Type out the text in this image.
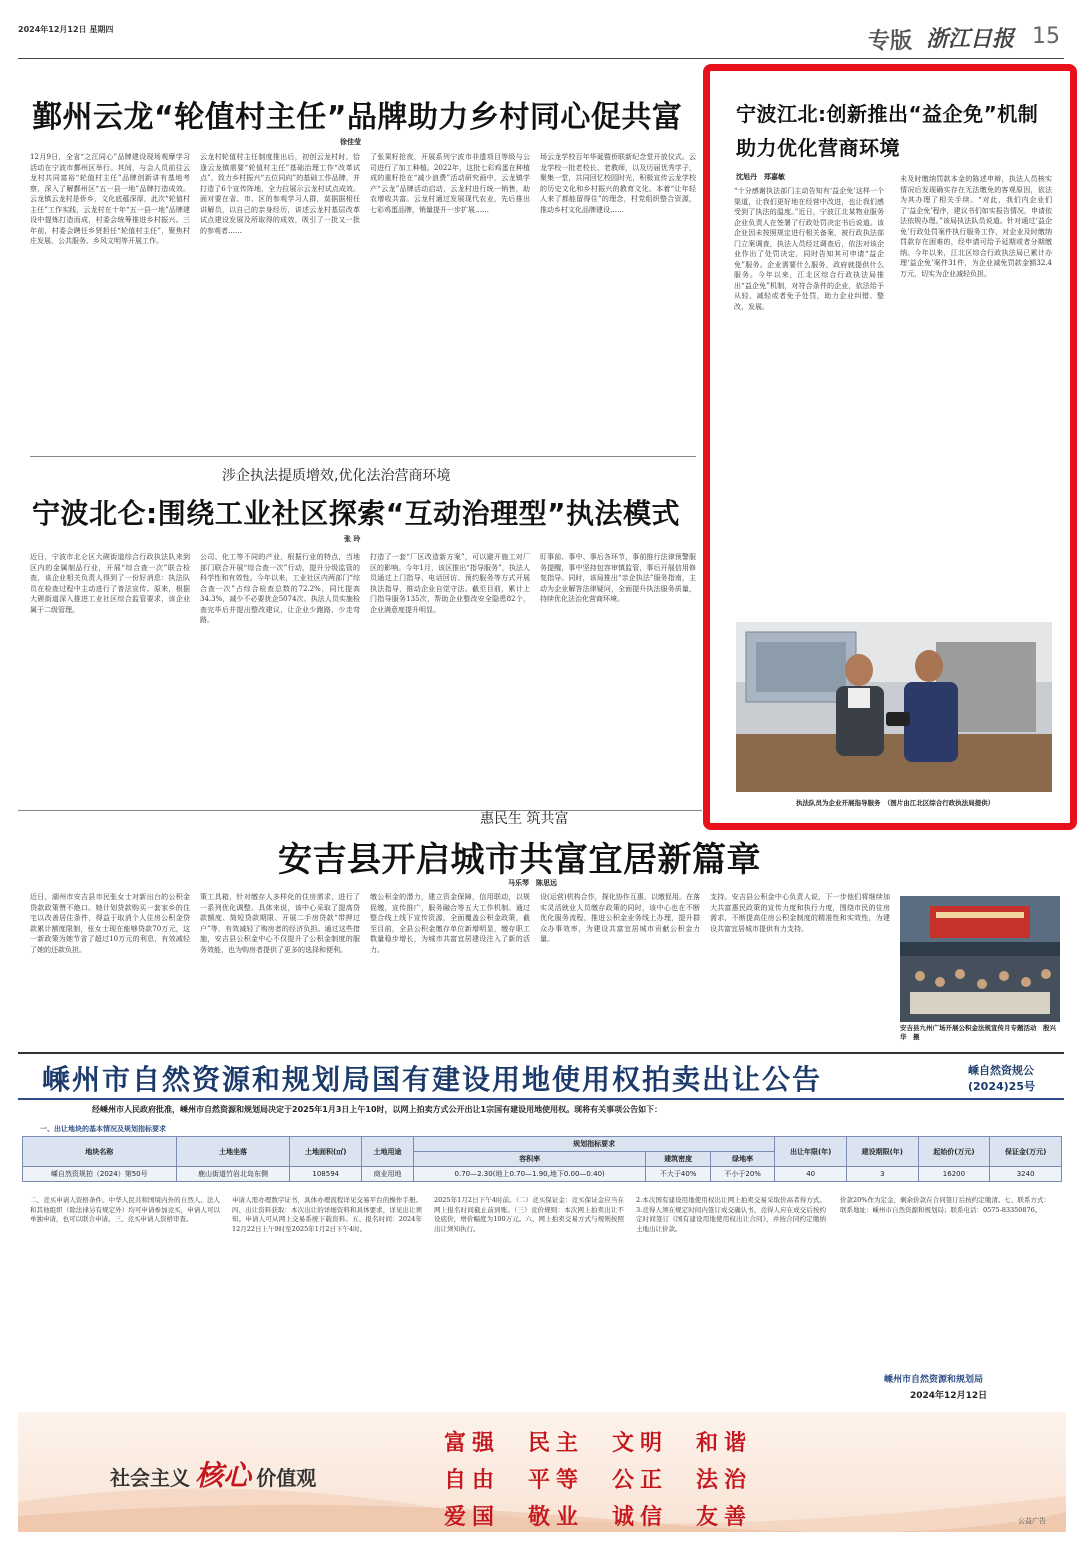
2024年12月12日 星期四	专版 浙江日报 15
鄞州云龙“轮值村主任”品牌助力乡村同心促共富
徐佳莹
12月9日，全省“之江同心”品牌建设现场观摩学习活动在宁波市鄞州区举行。其间，与会人员前往云龙村共同富裕“轮值村主任”品牌创新讲有基地考察，深入了解鄞州区“五一县一地”品牌打造成效。云龙镇云龙村是侨乡，文化底蕴深厚，此次“轮值村主任”工作实践，云龙村在十年“五一县一地”品牌建设中提炼打造而成，村委会统筹推进乡村振兴。三年前，村委会聘任乡贤担任“轮值村主任”，聚焦村庄发展、公共服务、乡风文明等开展工作。
云龙村轮值村主任制度推出后，初创云龙村时，恰逢云龙镇需要“轮值村主任”基础治理工作“改革试点”，致力乡村振兴“五位同向”的基础工作品牌，并打造了6个宣传阵地，全力拉展示云龙村试点成效。面对要在省、市、区的参观学习人群，莫据据相任讲解员，以自己的亲身经历，讲述云龙村基层改革试点建设发展及所取得的成效，吸引了一批又一批的参观者……
了张果籽抢夜，开展系列宁波市非遗项目等级与公司进行了加工种植。2022年，这批七彩鸡蛋在种植成的重籽抢在“减少浪费”活动研究画中，云龙镇学产“云龙”品牌活动启动，云龙村进行统一销售，助农增收共富。云龙村通过发展现代农业，先后推出七彩鸡蛋品牌，销量提升一步扩展……
场云龙学校百年华诞暨侨联新纪念堂开放仪式。云龙学校一批老校长、老教师，以及历届优秀学子，聚集一堂，共同回忆校园时光，积极宣传云龙学校的历史文化和乡村振兴的教育文化。本着“让年轻人来了都能留得住”的理念，村党组织整合资源，推动乡村文化品牌建设……
涉企执法提质增效,优化法治营商环境
宁波北仑:围绕工业社区探索“互动治理型”执法模式
张 玲
近日，宁波市北仑区大碶街道综合行政执法队来到区内的金属制品行业，开展“综合查一次”联合检查，该企业相关负责人得到了一份好消息：执法队员在检查过程中主动进行了普法宣传。原来，根据大碶街道深入推进工业社区综合监管要求，该企业属于二级管理。
公司、化工等不同的产业，根据行业的特点，当地部门联合开展“综合查一次”行动，提升分级监管的科学性和有效性。今年以来，工业社区内两部门“综合查一次”占综合检查总数的72.2%，同比提高34.3%，减少不必要扰企5074次。执法人员实施检查完毕后并提出整改建议，让企业少跑路、少走弯路。
打造了一套“厂区改造新方案”，可以避开施工对厂区的影响。今年1月，该区推出“指导服务”，执法人员通过上门指导、电话回访、预约服务等方式开展执法指导，推动企业自觉守法。截至目前，累计上门指导服务135次，帮助企业整改安全隐患82个，企业满意度提升明显。
盯事前、事中、事后各环节，事前推行法律预警服务提醒，事中坚持包容审慎监管，事后开展信用修复指导。同时，该局推出“亲企执法”服务指南，主动为企业解答法律疑问，全面提升执法服务质量，持续优化法治化营商环境。
宁波江北:创新推出“益企免”机制
助力优化营商环境
沈旭丹　郑嘉敏
“十分感谢执法部门主动告知有‘益企免’这样一个渠道，让我们更好地在经营中改进，也让我们感受到了执法的温度。”近日，宁波江北某物业服务企业负责人在签署了行政处罚决定书后说道。该企业因未按照规定进行相关备案，被行政执法部门立案调查，执法人员经过调查后，依法对该企业作出了处罚决定，同时告知其可申请“益企免”服务。企业需要什么服务，政府就提供什么服务。今年以来，江北区综合行政执法局推出“益企免”机制，对符合条件的企业，依法给予从轻、减轻或者免予处罚，助力企业纠错、整改、发展。
未及时缴纳罚款本金的陈述申辩，执法人员核实情况后发现确实存在无法缴免的客观原因，依法为其办理了相关手续。“对此，我们内企业们了‘益企免’程序，建议书们如实报告情况，申请依法依规办理。”该局执法队员说道。针对通过‘益企免’行政处罚案件执行服务工作，对企业及时缴纳罚款存在困难的，经申请可给予延期或者分期缴纳。今年以来，江北区综合行政执法局已累计办理‘益企免’案件31件，为企业减免罚款金额32.4万元，切实为企业减轻负担。
执法队员为企业开展指导服务　（图片由江北区综合行政执法局提供）
惠民生 筑共富
安吉县开启城市共富宜居新篇章
马乐琴　陈思远
近日，湖州市安吉县市民张女士对新出台的公积金贷款政策赞不绝口。她计划贷款购买一套家乡的住宅以改善居住条件，得益于取消个人住房公积金贷款累计额度限制，张女士现在能够贷款70万元，这一新政策为她节省了超过10万元的利息，有效减轻了她的还款负担。
策工具箱，针对缴存人多样化的住房需求，进行了一系列优化调整。具体来说，该中心采取了提高贷款额度、简短贷款期限、开展二手房贷款“带押过户”等，有效减轻了购房者的经济负担。通过这些措施，安吉县公积金中心不仅提升了公积金制度的服务效能，也为购房者提供了更多的选择和便利。
缴公积金的潜力，建立资金保障，信用联动，以规促缴，宣传推广，服务融合等五大工作机制。通过整合线上线下宣传资源，全面覆盖公积金政策，截至目前，全县公积金缴存单位新增明显，缴存职工数量稳步增长，为城市共富宜居建设注入了新的活力。
设(运营)机构合作，探化协作互惠，以缴促用。在落实灵活就业人员缴存政策的同时，该中心也在不断优化服务流程，推进公积金业务线上办理，提升群众办事效率，为建设共富宜居城市贡献公积金力量。
支持。安吉县公积金中心负责人说，下一步他们将继续加大共富惠民政策的宣传力度和执行力度，围绕市民的住房需求，不断提高住房公积金制度的精准性和实效性，为建设共富宜居城市提供有力支持。
安吉县九州广场开展公积金法规宣传月专题活动　殷兴华　摄
嵊州市自然资源和规划局国有建设用地使用权拍卖出让公告	嵊自然资规公
(2024)25号
经嵊州市人民政府批准，嵊州市自然资源和规划局决定于2025年1月3日上午10时，以网上拍卖方式公开出让1宗国有建设用地使用权。现将有关事项公告如下：
一、出让地块的基本情况及规划指标要求
地块名称	土地坐落	土地面积(㎡)	土地用途	规划指标要求			出让年限(年)	建设期限(年)	起始价(万元)	保证金(万元)
				容积率	建筑密度	绿地率				
嵊自然资规拍（2024）第50号	鹿山街道竹岩北岛东侧	108594	商业用地	0.70—2.30(地上0.70—1.90,地下0.00—0.40)	不大于40%	不小于20%	40	3	16200	3240
二、竞买申请人资格条件。中华人民共和国境内外的自然人、法人和其他组织（除法律另有规定外）均可申请参加竞买，申请人可以单独申请，也可以联合申请。三、竞买申请人资格审查。
申请人需办理数字证书，具体办理流程详见交易平台的操作手册。四、出让资料获取：本次出让的详细资料和具体要求，详见出让须知。申请人可从网上交易系统下载资料。五、报名时间：2024年12月22日上午9时至2025年1月2日下午4时。
2025年1月2日下午4时前。（二）竞买保证金：竞买保证金应当在网上报名时间截止前到账。（三）竞价规则：本次网上拍卖出让不设底价，增价幅度为100万元。六、网上拍卖交易方式与规则按照出让须知执行。
2.本次国有建设用地使用权出让网上拍卖交易采取价高者得方式。3.竞得人须在规定时间内签订成交确认书，竞得人应在成交后按约定时间签订《国有建设用地使用权出让合同》，并按合同约定缴纳土地出让价款。
价款20%作为定金，剩余价款在合同签订后按约定缴清。七、联系方式：联系地址：嵊州市自然资源和规划局；联系电话：0575-83350876。
嵊州市自然资源和规划局
2024年12月12日
社会主义 核心 价值观
富强	民主	文明	和谐
自由	平等	公正	法治
爱国	敬业	诚信	友善	公益广告
